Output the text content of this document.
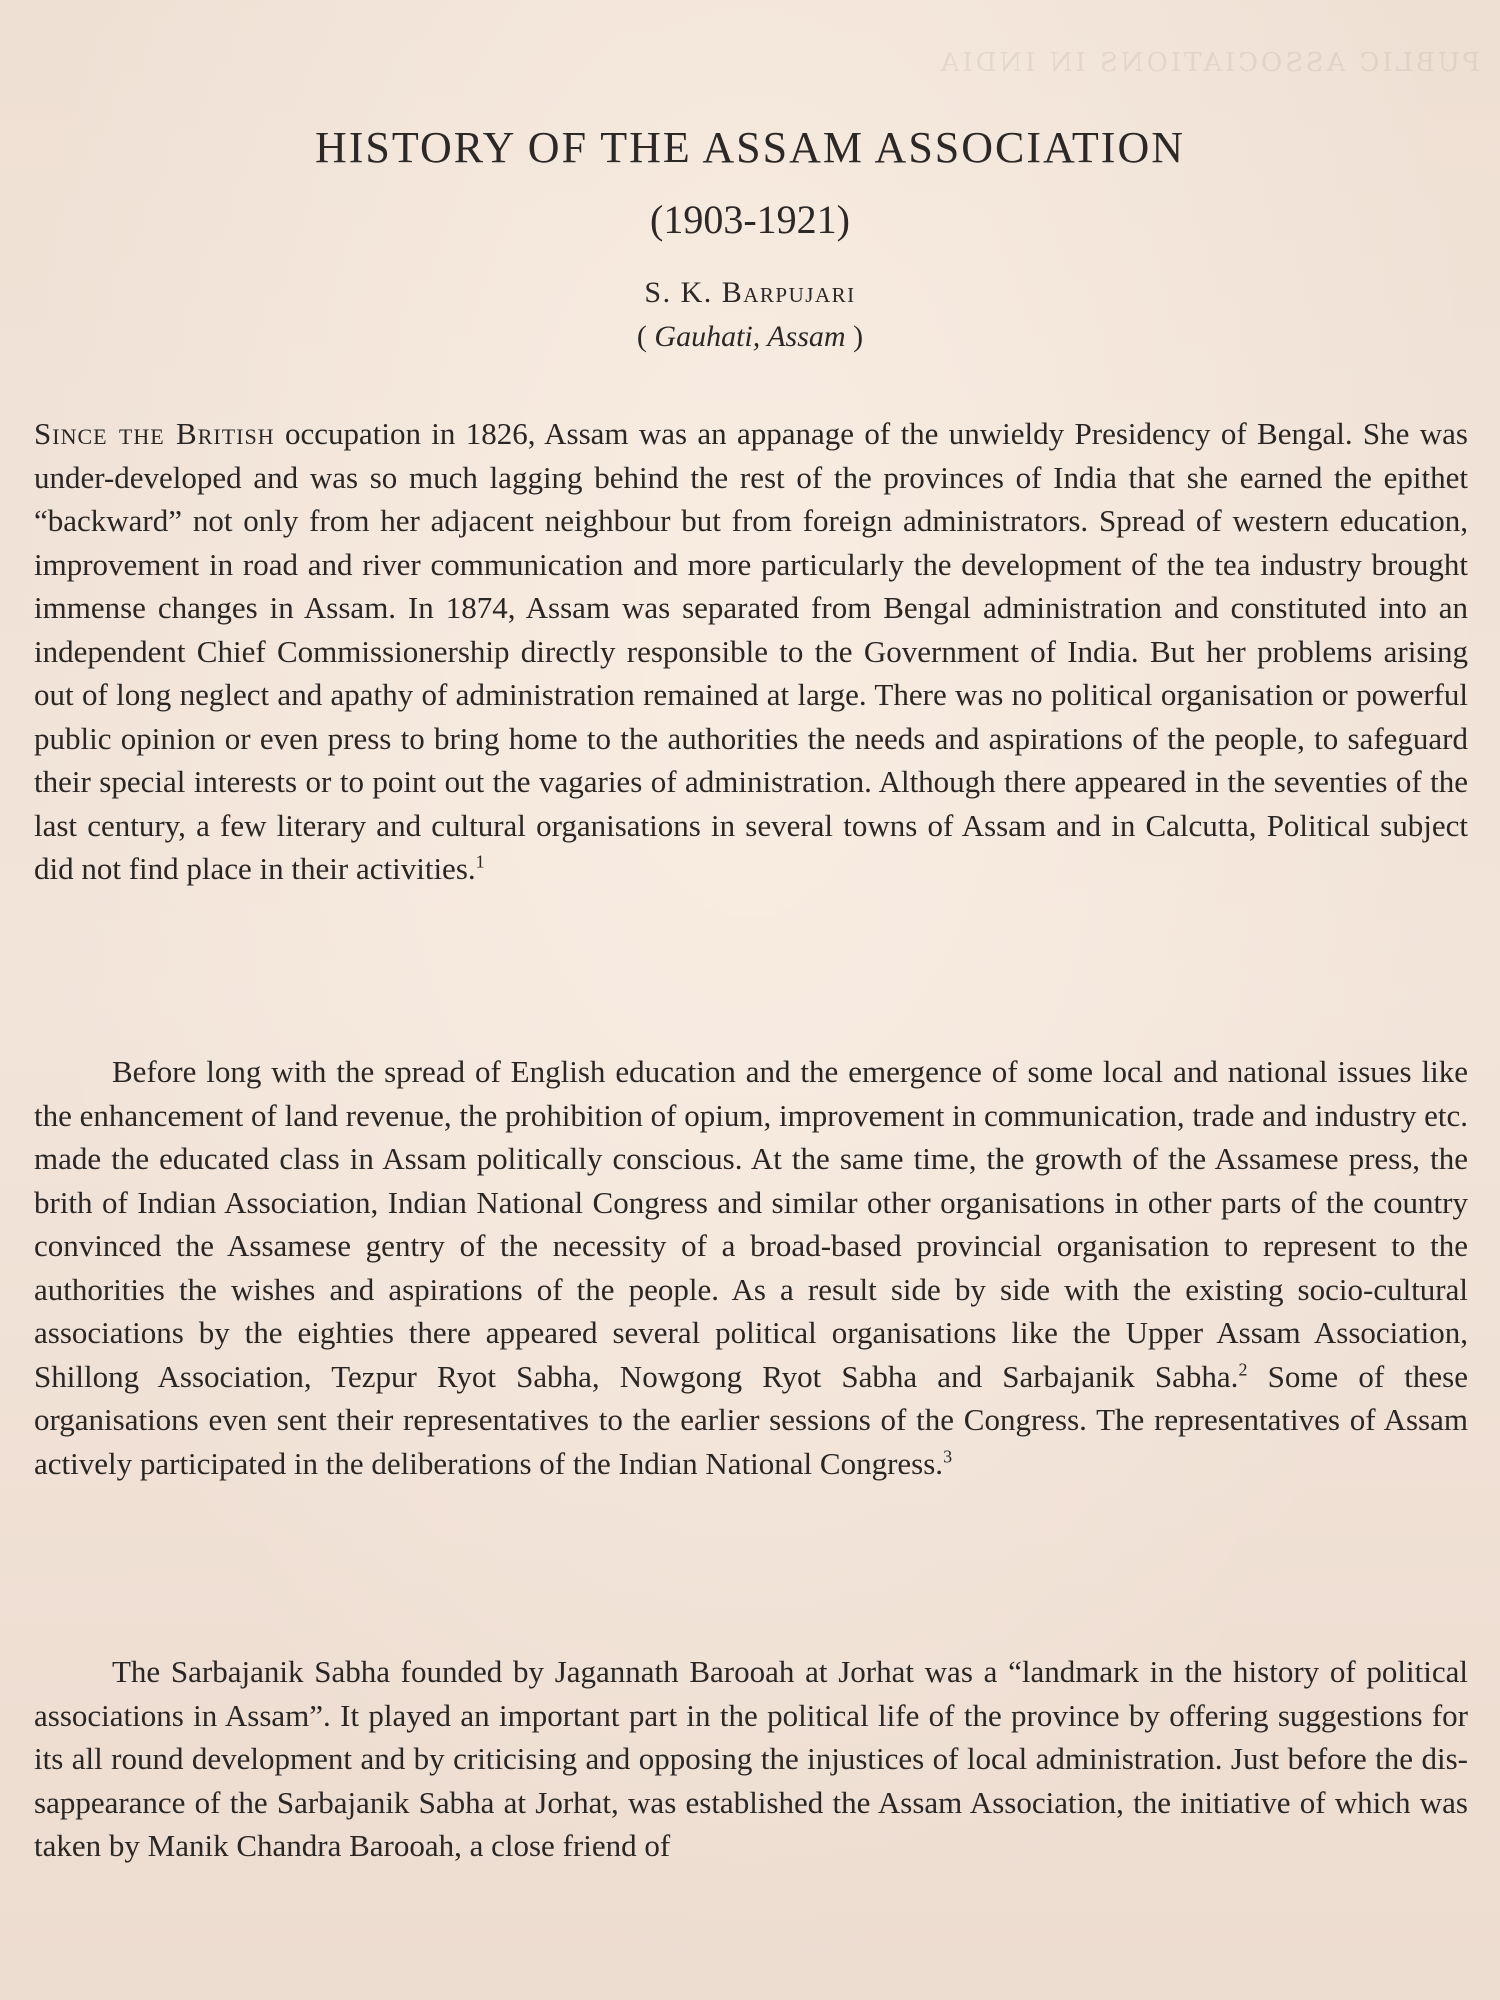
PUBLIC ASSOCIATIONS IN INDIA
HISTORY OF THE ASSAM ASSOCIATION
(1903-1921)
S. K. Barpujari
( Gauhati, Assam )

Since the British occupation in 1826, Assam was an appanage of the unwieldy Presidency of Bengal. She was under-developed and was so much lagging behind the rest of the provinces of India that she earned the epithet “backward” not only from her adjacent neighbour but from foreign administrators. Spread of western education, improvement in road and river communication and more particularly the development of the tea industry brought immense changes in Assam. In 1874, Assam was separated from Bengal administration and constituted into an independent Chief Commissionership directly responsible to the Government of India. But her problems arising out of long neglect and apathy of administration remained at large. There was no political organisation or powerful public opinion or even press to bring home to the authorities the needs and aspirations of the people, to safeguard their special interests or to point out the vagaries of administration. Although there appeared in the seventies of the last century, a few literary and cultural organisations in several towns of Assam and in Calcutta, Political subject did not find place in their activities.$^1$

Before long with the spread of English education and the emergence of some local and national issues like the enhancement of land revenue, the prohibition of opium, improvement in communication, trade and industry etc. made the educated class in Assam politically conscious. At the same time, the growth of the Assamese press, the brith of Indian Association, Indian National Congress and similar other organisations in other parts of the country convinced the Assamese gentry of the necessity of a broad-based provincial organisation to represent to the authorities the wishes and aspirations of the people. As a result side by side with the existing socio-cultural associations by the eighties there appeared several political organisations like the Upper Assam Association, Shillong Association, Tezpur Ryot Sabha, Nowgong Ryot Sabha and Sarbajanik Sabha.$^2$ Some of these organisations even sent their representatives to the earlier sessions of the Congress. The representatives of Assam actively participated in the deliberations of the Indian National Congress.$^3$

The Sarbajanik Sabha founded by Jagannath Barooah at Jorhat was a “landmark in the history of political associations in Assam”. It played an important part in the political life of the province by offering suggestions for its all round development and by criticising and opposing the injustices of local administration. Just before the dis-sappearance of the Sarbajanik Sabha at Jorhat, was established the Assam Association, the initiative of which was taken by Manik Chandra Barooah, a close friend of
